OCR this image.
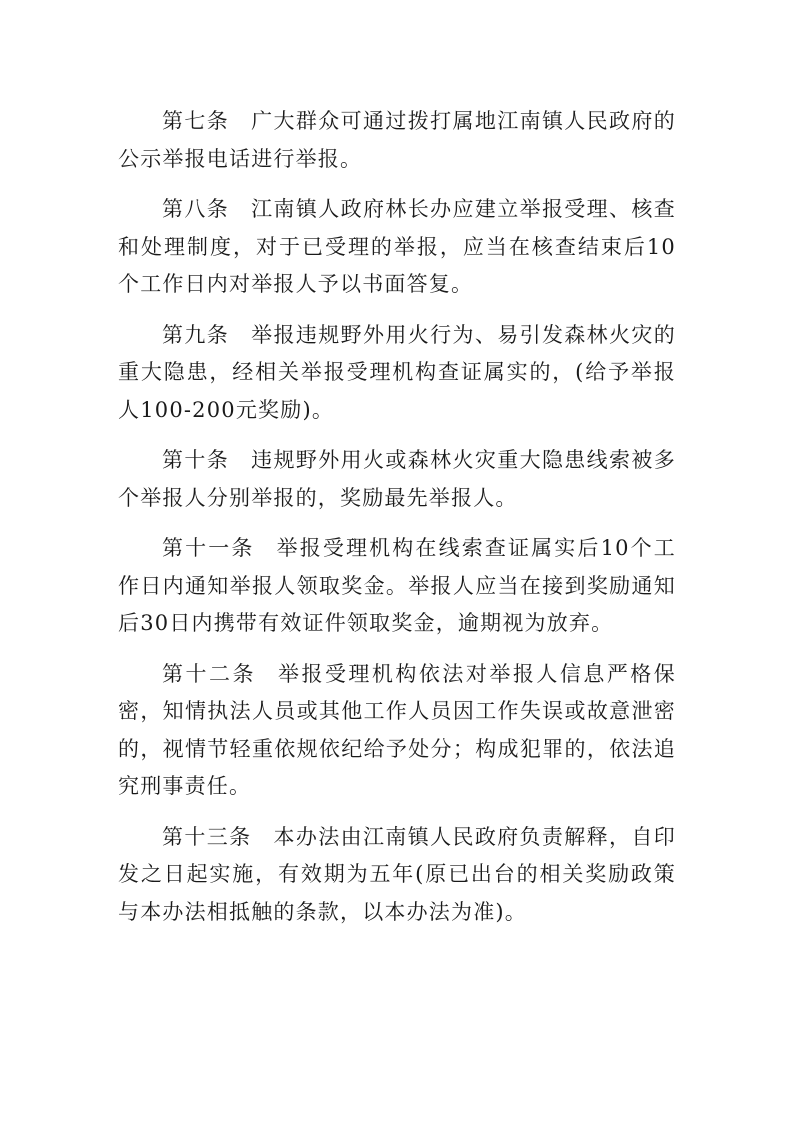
第七条 广大群众可通过拨打属地江南镇人民政府的公示举报电话进行举报。

第八条 江南镇人政府林长办应建立举报受理、核查和处理制度，对于已受理的举报，应当在核查结束后10个工作日内对举报人予以书面答复。

第九条 举报违规野外用火行为、易引发森林火灾的重大隐患，经相关举报受理机构查证属实的，(给予举报人100-200元奖励)。

第十条 违规野外用火或森林火灾重大隐患线索被多个举报人分别举报的，奖励最先举报人。

第十一条 举报受理机构在线索查证属实后10个工作日内通知举报人领取奖金。举报人应当在接到奖励通知后30日内携带有效证件领取奖金，逾期视为放弃。

第十二条 举报受理机构依法对举报人信息严格保密，知情执法人员或其他工作人员因工作失误或故意泄密的，视情节轻重依规依纪给予处分；构成犯罪的，依法追究刑事责任。

第十三条 本办法由江南镇人民政府负责解释，自印发之日起实施，有效期为五年(原已出台的相关奖励政策与本办法相抵触的条款，以本办法为准)。
